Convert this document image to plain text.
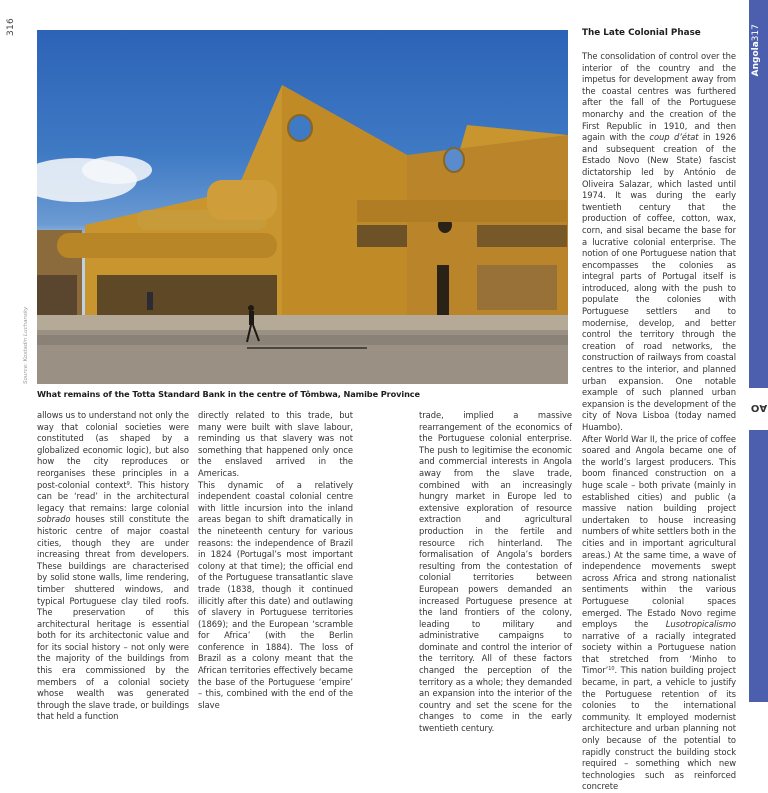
316
Angola317
AO
Source: Kostadin Luchansky
What remains of the Totta Standard Bank in the centre of Tômbwa, Namibe Province

allows us to understand not only the way that colonial societies were constituted (as shaped by a globalized economic logic), but also how the city reproduces or reorganises these principles in a post-colonial context$^9$. This history can be ‘read’ in the architectural legacy that remains: large colonial sobrado houses still constitute the historic centre of major coastal cities, though they are under increasing threat from developers. These buildings are characterised by solid stone walls, lime rendering, timber shuttered windows, and typical Portuguese clay tiled roofs. The preservation of this architectural heritage is essential both for its architectonic value and for its social history – not only were the majority of the buildings from this era commissioned by the members of a colonial society whose wealth was generated through the slave trade, or buildings that held a function

directly related to this trade, but many were built with slave labour, reminding us that slavery was not something that happened only once the enslaved arrived in the Americas.

This dynamic of a relatively independent coastal colonial centre with little incursion into the inland areas began to shift dramatically in the nineteenth century for various reasons: the independence of Brazil in 1824 (Portugal’s most important colony at that time); the official end of the Portuguese transatlantic slave trade (1838, though it continued illicitly after this date) and outlawing of slavery in Portuguese territories (1869); and the European ‘scramble for Africa’ (with the Berlin conference in 1884). The loss of Brazil as a colony meant that the African territories effectively became the base of the Portuguese ‘empire’ – this, combined with the end of the slave

trade, implied a massive rearrangement of the economics of the Portuguese colonial enterprise. The push to legitimise the economic and commercial interests in Angola away from the slave trade, combined with an increasingly hungry market in Europe led to extensive exploration of resource extraction and agricultural production in the fertile and resource rich hinterland. The formalisation of Angola’s borders resulting from the contestation of colonial territories between European powers demanded an increased Portuguese presence at the land frontiers of the colony, leading to military and administrative campaigns to dominate and control the interior of the territory. All of these factors changed the perception of the territory as a whole; they demanded an expansion into the interior of the country and set the scene for the changes to come in the early twentieth century.

The Late Colonial Phase

The consolidation of control over the interior of the country and the impetus for development away from the coastal centres was furthered after the fall of the Portuguese monarchy and the creation of the First Republic in 1910, and then again with the coup d’état in 1926 and subsequent creation of the Estado Novo (New State) fascist dictatorship led by António de Oliveira Salazar, which lasted until 1974. It was during the early twentieth century that the production of coffee, cotton, wax, corn, and sisal became the base for a lucrative colonial enterprise. The notion of one Portuguese nation that encompasses the colonies as integral parts of Portugal itself is introduced, along with the push to populate the colonies with Portuguese settlers and to modernise, develop, and better control the territory through the creation of road networks, the construction of railways from coastal centres to the interior, and planned urban expansion. One notable example of such planned urban expansion is the development of the city of Nova Lisboa (today named Huambo).

After World War II, the price of coffee soared and Angola became one of the world’s largest producers. This boom financed construction on a huge scale – both private (mainly in established cities) and public (a massive nation building project undertaken to house increasing numbers of white settlers both in the cities and in important agricultural areas.) At the same time, a wave of independence movements swept across Africa and strong nationalist sentiments within the various Portuguese colonial spaces emerged. The Estado Novo regime employs the Lusotropicalismo narrative of a racially integrated society within a Portuguese nation that stretched from ‘Minho to Timor’$^{10}$. This nation building project became, in part, a vehicle to justify the Portuguese retention of its colonies to the international community. It employed modernist architecture and urban planning not only because of the potential to rapidly construct the building stock required – something which new technologies such as reinforced concrete
